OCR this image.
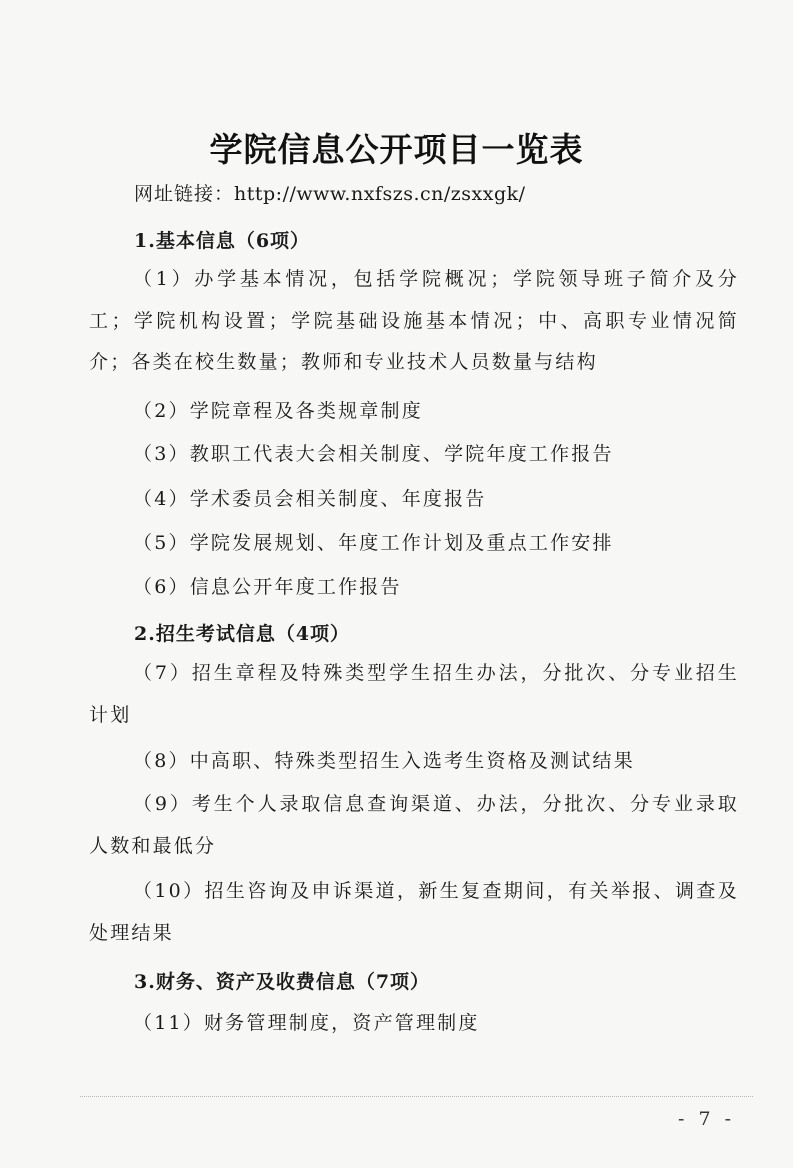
学院信息公开项目一览表
网址链接：http://www.nxfszs.cn/zsxxgk/
1.基本信息（6项）
（1）办学基本情况，包括学院概况；学院领导班子简介及分工；学院机构设置；学院基础设施基本情况；中、高职专业情况简介；各类在校生数量；教师和专业技术人员数量与结构
（2）学院章程及各类规章制度
（3）教职工代表大会相关制度、学院年度工作报告
（4）学术委员会相关制度、年度报告
（5）学院发展规划、年度工作计划及重点工作安排
（6）信息公开年度工作报告
2.招生考试信息（4项）
（7）招生章程及特殊类型学生招生办法，分批次、分专业招生计划
（8）中高职、特殊类型招生入选考生资格及测试结果
（9）考生个人录取信息查询渠道、办法，分批次、分专业录取人数和最低分
（10）招生咨询及申诉渠道，新生复查期间，有关举报、调查及处理结果
3.财务、资产及收费信息（7项）
（11）财务管理制度，资产管理制度
- 7 -
